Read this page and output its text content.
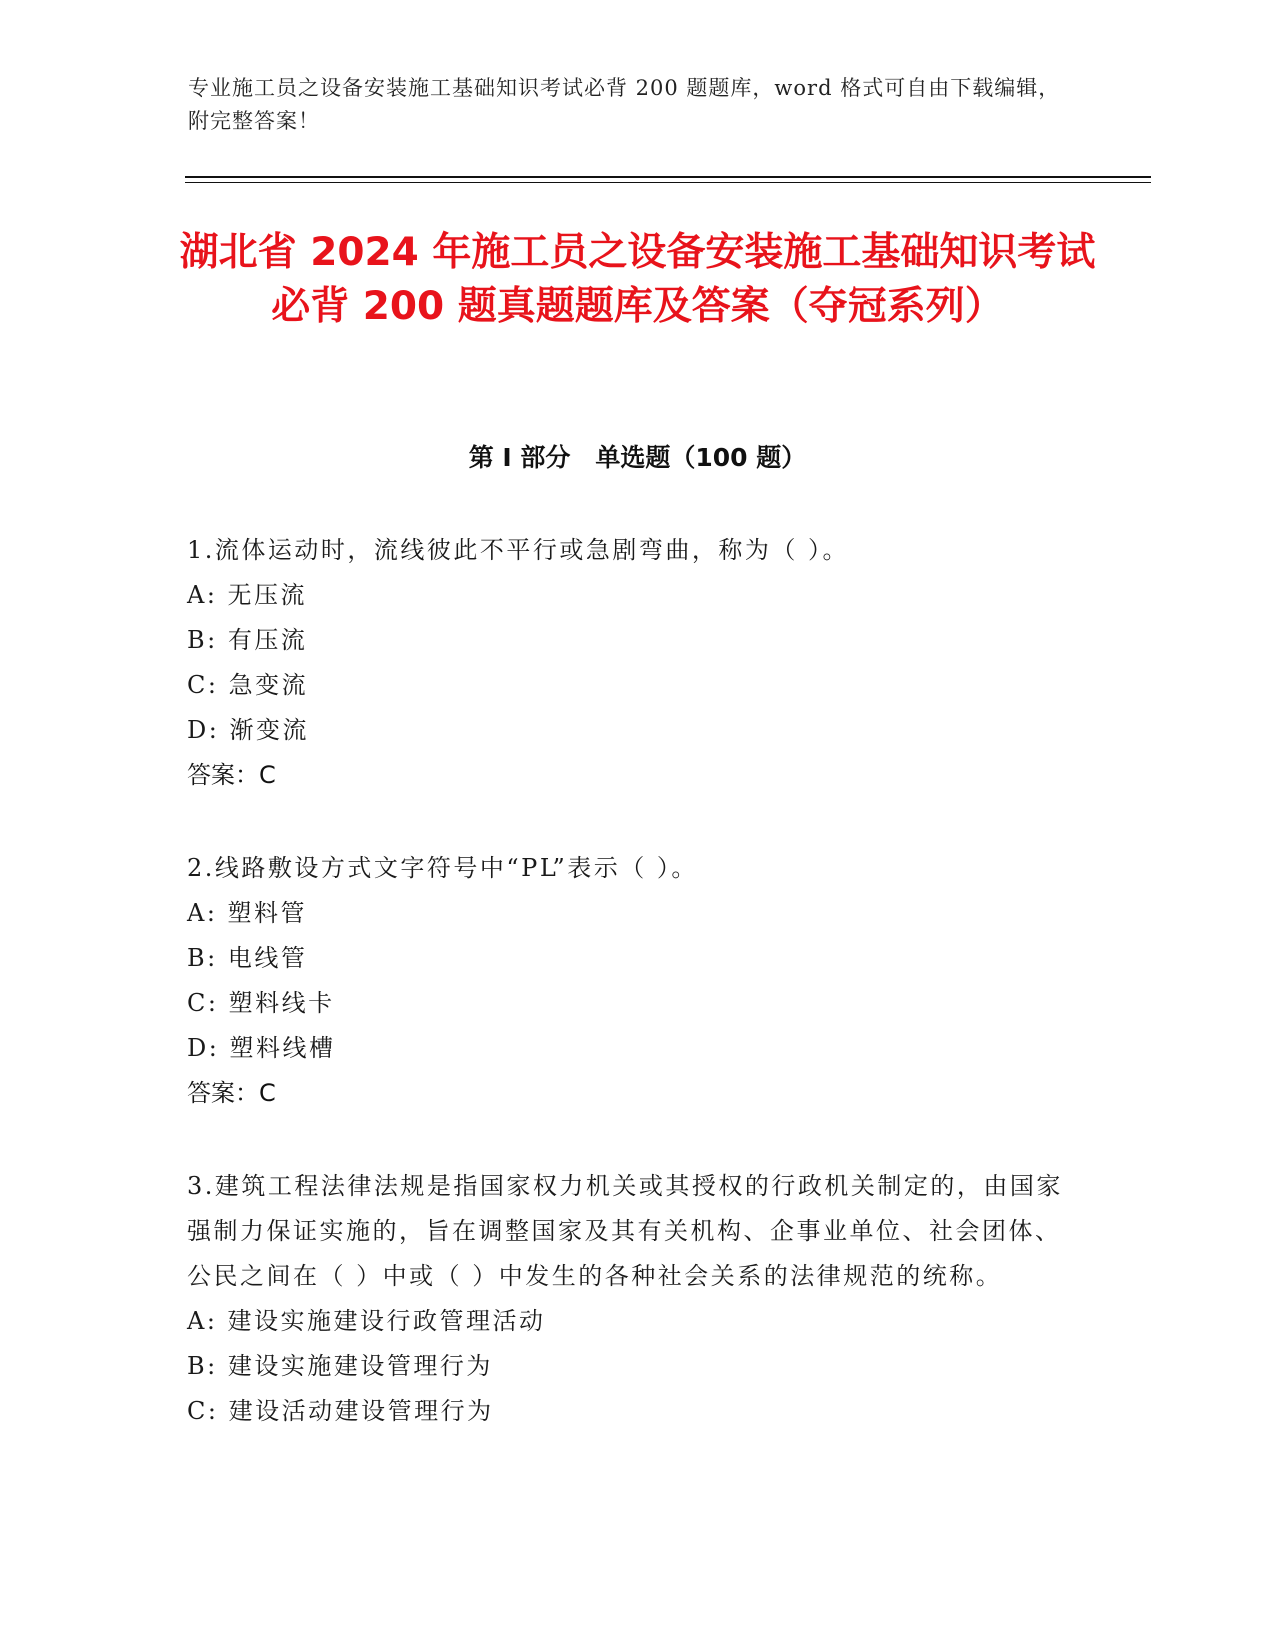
专业施工员之设备安装施工基础知识考试必背 200 题题库，word 格式可自由下载编辑，附完整答案！
湖北省 2024 年施工员之设备安装施工基础知识考试必背 200 题真题题库及答案（夺冠系列）
第 I 部分　单选题（100 题）
1.流体运动时，流线彼此不平行或急剧弯曲，称为（ ）。
A: 无压流
B: 有压流
C: 急变流
D: 渐变流
答案：C
2.线路敷设方式文字符号中“PL”表示（ ）。
A: 塑料管
B: 电线管
C: 塑料线卡
D: 塑料线槽
答案：C
3.建筑工程法律法规是指国家权力机关或其授权的行政机关制定的，由国家强制力保证实施的，旨在调整国家及其有关机构、企事业单位、社会团体、公民之间在（ ）中或（ ）中发生的各种社会关系的法律规范的统称。
A: 建设实施建设行政管理活动
B: 建设实施建设管理行为
C: 建设活动建设管理行为
